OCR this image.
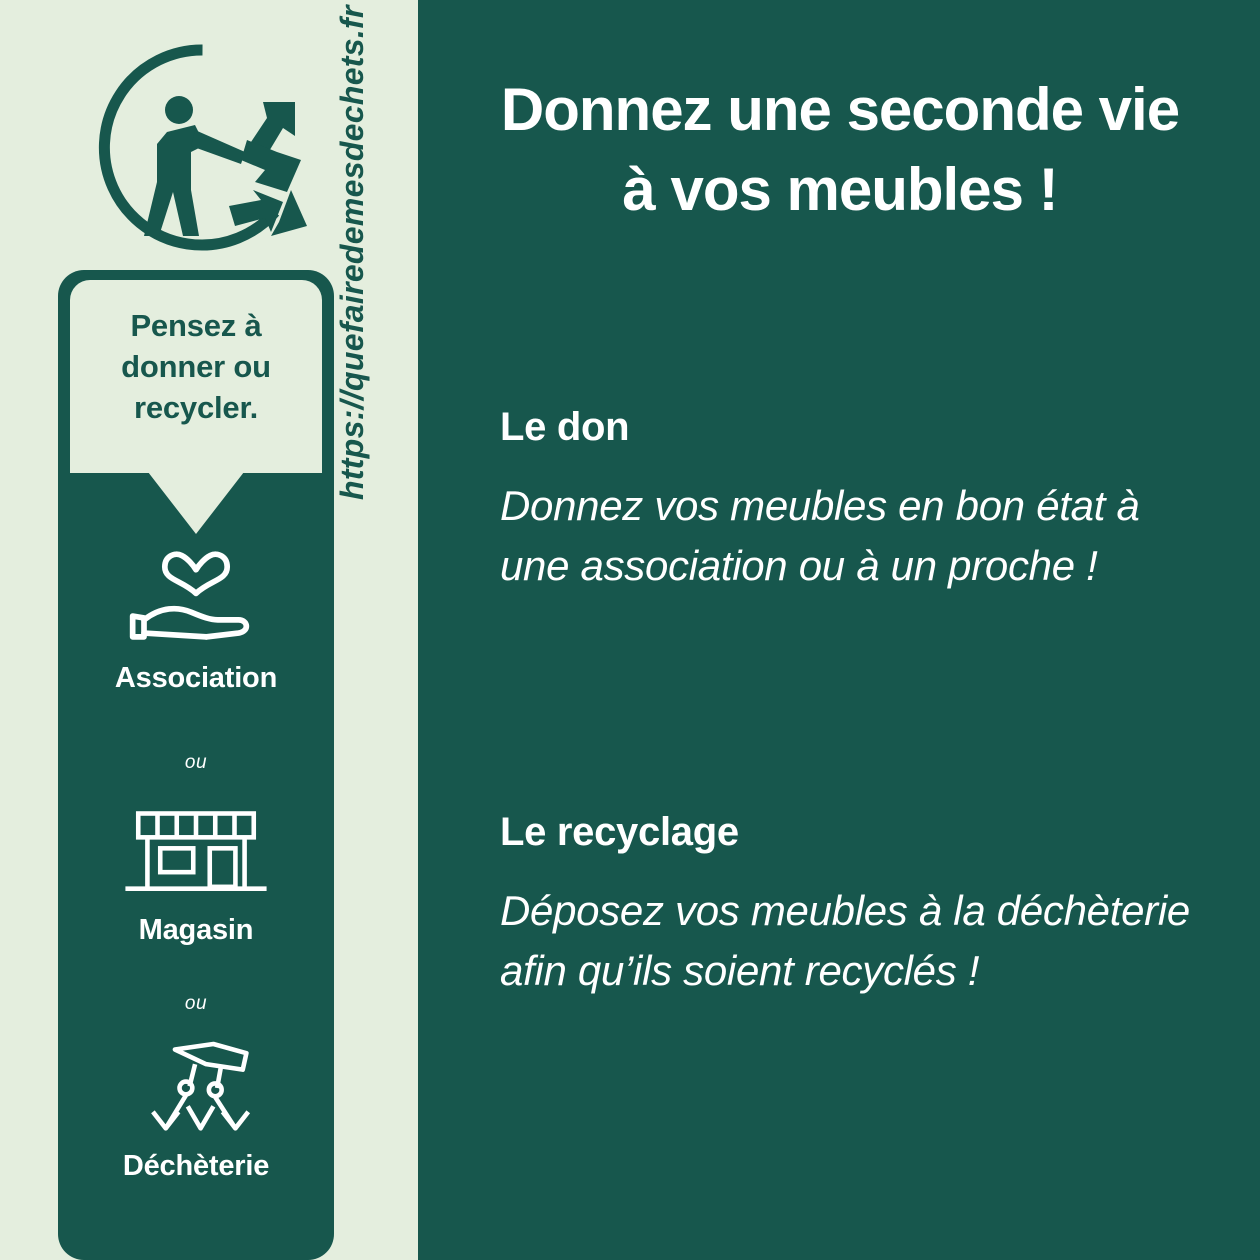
Pensez à
donner ou
recycler.
Association
ou
Magasin
ou
Déchèterie
https://quefairedemesdechets.fr	Donnez une seconde vie
à vos meubles !
Le don
Donnez vos meubles en bon état à une association ou à un proche !
Le recyclage
Déposez vos meubles à la déchèterie afin qu’ils soient recyclés !
